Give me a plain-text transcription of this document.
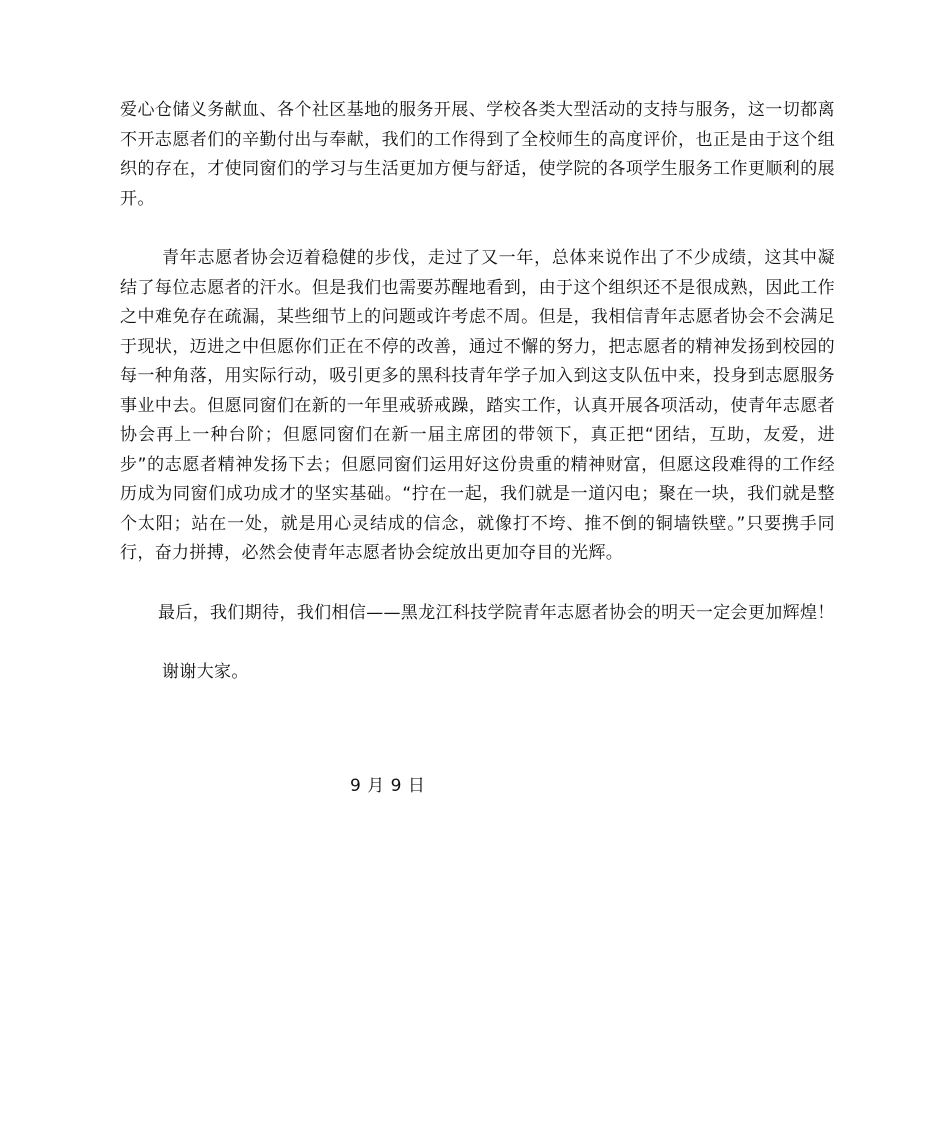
爱心仓储义务献血、各个社区基地的服务开展、学校各类大型活动的支持与服务，这一切都离不开志愿者们的辛勤付出与奉献，我们的工作得到了全校师生的高度评价，也正是由于这个组织的存在，才使同窗们的学习与生活更加方便与舒适，使学院的各项学生服务工作更顺利的展开。

青年志愿者协会迈着稳健的步伐，走过了又一年，总体来说作出了不少成绩，这其中凝结了每位志愿者的汗水。但是我们也需要苏醒地看到，由于这个组织还不是很成熟，因此工作之中难免存在疏漏，某些细节上的问题或许考虑不周。但是，我相信青年志愿者协会不会满足于现状，迈进之中但愿你们正在不停的改善，通过不懈的努力，把志愿者的精神发扬到校园的每一种角落，用实际行动，吸引更多的黑科技青年学子加入到这支队伍中来，投身到志愿服务事业中去。但愿同窗们在新的一年里戒骄戒躁，踏实工作，认真开展各项活动，使青年志愿者协会再上一种台阶；但愿同窗们在新一届主席团的带领下，真正把“团结，互助，友爱，进步”的志愿者精神发扬下去；但愿同窗们运用好这份贵重的精神财富，但愿这段难得的工作经历成为同窗们成功成才的坚实基础。“拧在一起，我们就是一道闪电；聚在一块，我们就是整个太阳；站在一处，就是用心灵结成的信念，就像打不垮、推不倒的铜墙铁壁。”只要携手同行，奋力拼搏，必然会使青年志愿者协会绽放出更加夺目的光辉。

最后，我们期待，我们相信——黑龙江科技学院青年志愿者协会的明天一定会更加辉煌！

谢谢大家。

9 月 9 日
